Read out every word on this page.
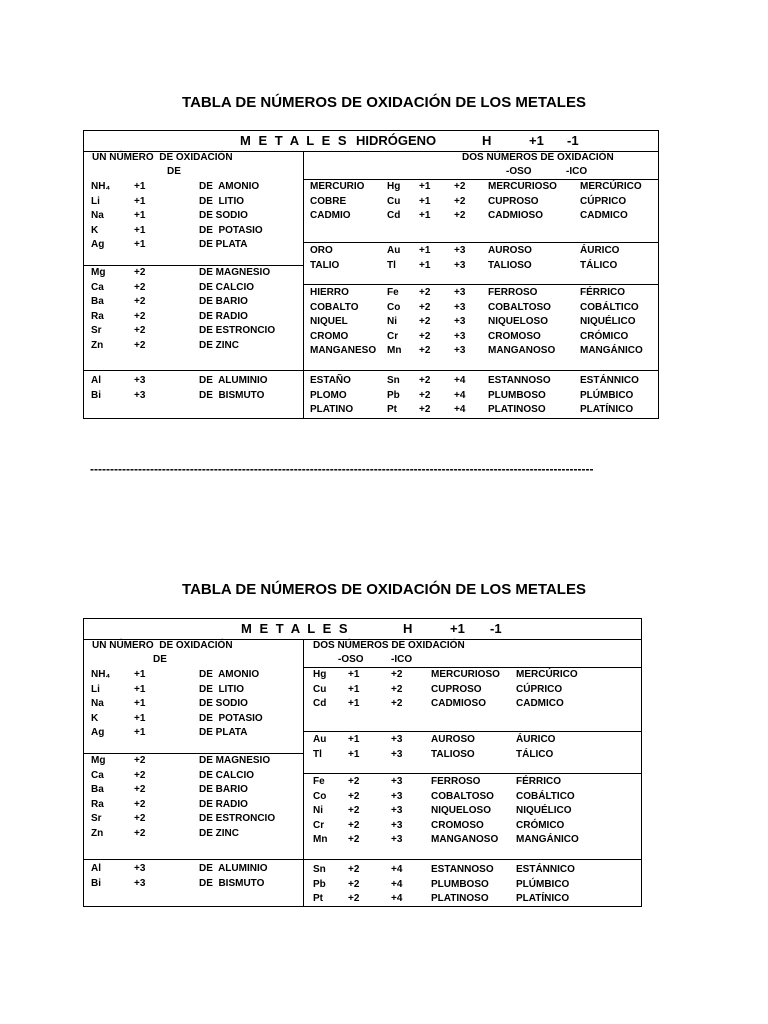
TABLA DE NÚMEROS DE OXIDACIÓN DE LOS METALES

M E T A L E S

HIDRÓGENO

	H

	+1

-1

UN NÚMERO  DE OXIDACIÓN
DE
DOS NÚMEROS DE OXIDACIÓN
-OSO	-ICO
NH₄ +1	DE  AMONIO
Li	+1	DE  LITIO
Na	+1	DE SODIO
K	+1	DE  POTASIO
Ag	+1	DE PLATA
Mg	+2	DE MAGNESIO
Ca	+2	DE CALCIO
Ba	+2	DE BARIO
Ra	+2	DE RADIO
Sr	+2	DE ESTRONCIO
Zn	+2	DE ZINC
Al	+3	DE  ALUMINIO
Bi	+3	DE  BISMUTO
MERCURIO Hg +1 +2 MERCURIOSO MERCÚRICO
COBRE	Cu +1 +2 CUPROSO	CÚPRICO
CADMIO	Cd +1 +2 CADMIOSO	CADMICO
ORO	Au +1 +3 AUROSO	ÁURICO
TALIO	Tl +1 +3 TALIOSO	TÁLICO
HIERRO	Fe +2 +3 FERROSO	FÉRRICO
COBALTO	Co +2 +3 COBALTOSO	COBÁLTICO
NIQUEL	Ni +2 +3 NIQUELOSO	NIQUÉLICO
CROMO	Cr +2 +3 CROMOSO	CRÓMICO
MANGANESO Mn +2 +3 MANGANOSO MANGÁNICO
ESTAÑO	Sn +2 +4 ESTANNOSO	ESTÁNNICO
PLOMO	Pb +2 +4 PLUMBOSO	PLÚMBICO
PLATINO	Pt +2 +4 PLATINOSO	PLATÍNICO
------------------------------------------------------------------------------------------------------------------------------
TABLA DE NÚMEROS DE OXIDACIÓN DE LOS METALES

M E T A L E S

	H

	+1

-1

UN NÚMERO  DE OXIDACIÓN
DE
DOS NÚMEROS DE OXIDACIÓN
-OSO	-ICO
NH₄ +1	DE  AMONIO
Li	+1	DE  LITIO
Na	+1	DE SODIO
K	+1	DE  POTASIO
Ag	+1	DE PLATA
Mg	+2	DE MAGNESIO
Ca	+2	DE CALCIO
Ba	+2	DE BARIO
Ra	+2	DE RADIO
Sr	+2	DE ESTRONCIO
Zn	+2	DE ZINC
Al	+3	DE  ALUMINIO
Bi	+3	DE  BISMUTO
Hg +1	+2	MERCURIOSO MERCÚRICO
Cu +1	+2	CUPROSO	CÚPRICO
Cd +1	+2	CADMIOSO	CADMICO
Au +1	+3	AUROSO	ÁURICO
Tl	+1	+3	TALIOSO	TÁLICO
Fe +2	+3	FERROSO	FÉRRICO
Co +2	+3	COBALTOSO COBÁLTICO
Ni	+2	+3	NIQUELOSO NIQUÉLICO
Cr +2	+3	CROMOSO	CRÓMICO
Mn +2	+3	MANGANOSO MANGÁNICO
Sn +2	+4	ESTANNOSO ESTÁNNICO
Pb +2	+4	PLUMBOSO	PLÚMBICO
Pt	+2	+4	PLATINOSO	PLATÍNICO
